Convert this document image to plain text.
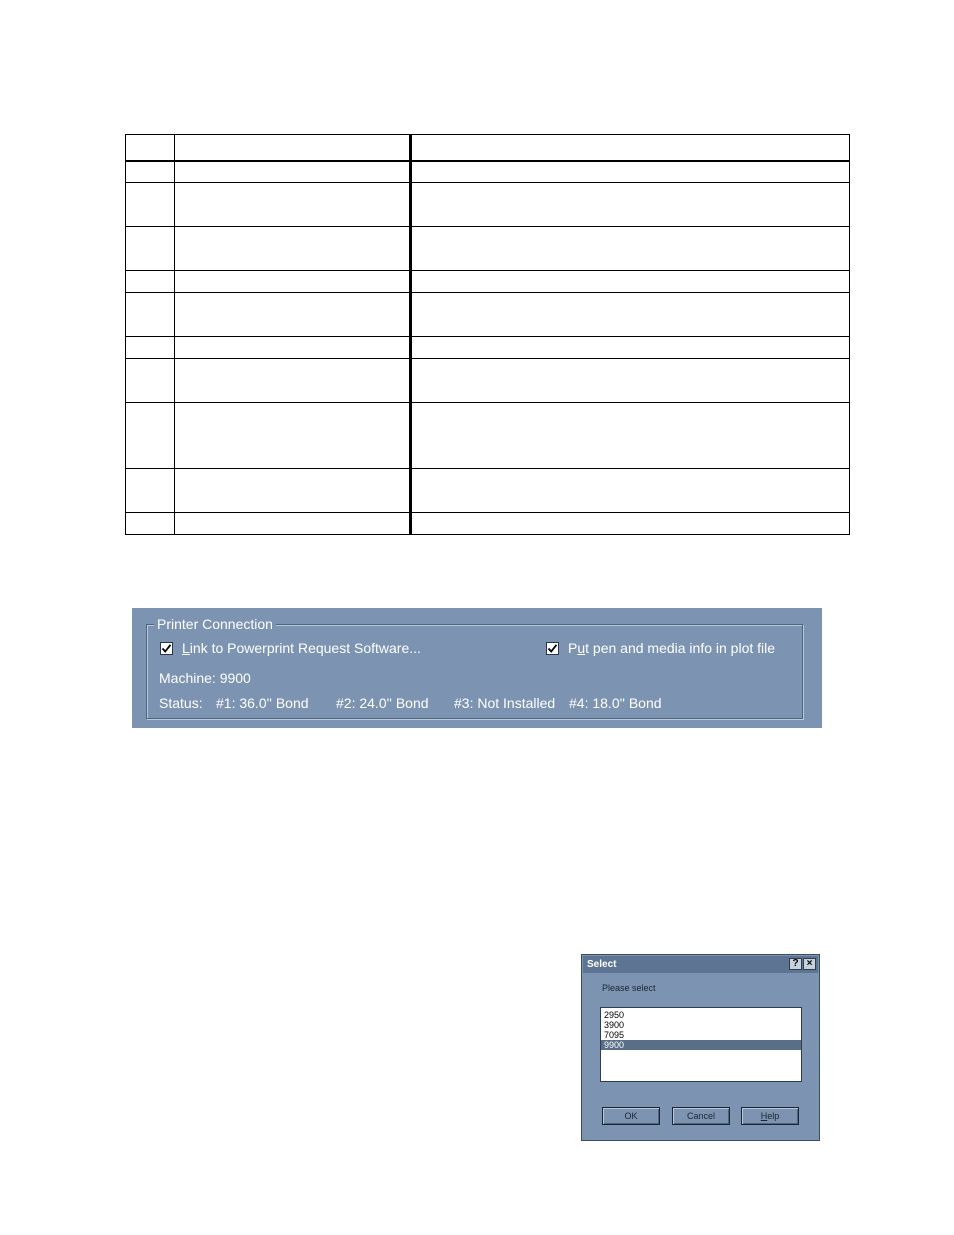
Printer Connection
Link to Powerprint Request Software...	Put pen and media info in plot file
Machine: 9900
Status: #1: 36.0'' Bond #2: 24.0'' Bond #3: Not Installed #4: 18.0'' Bond
Select	? ×
Please select
2950
3900
7095
9900
OK	Cancel	Help
